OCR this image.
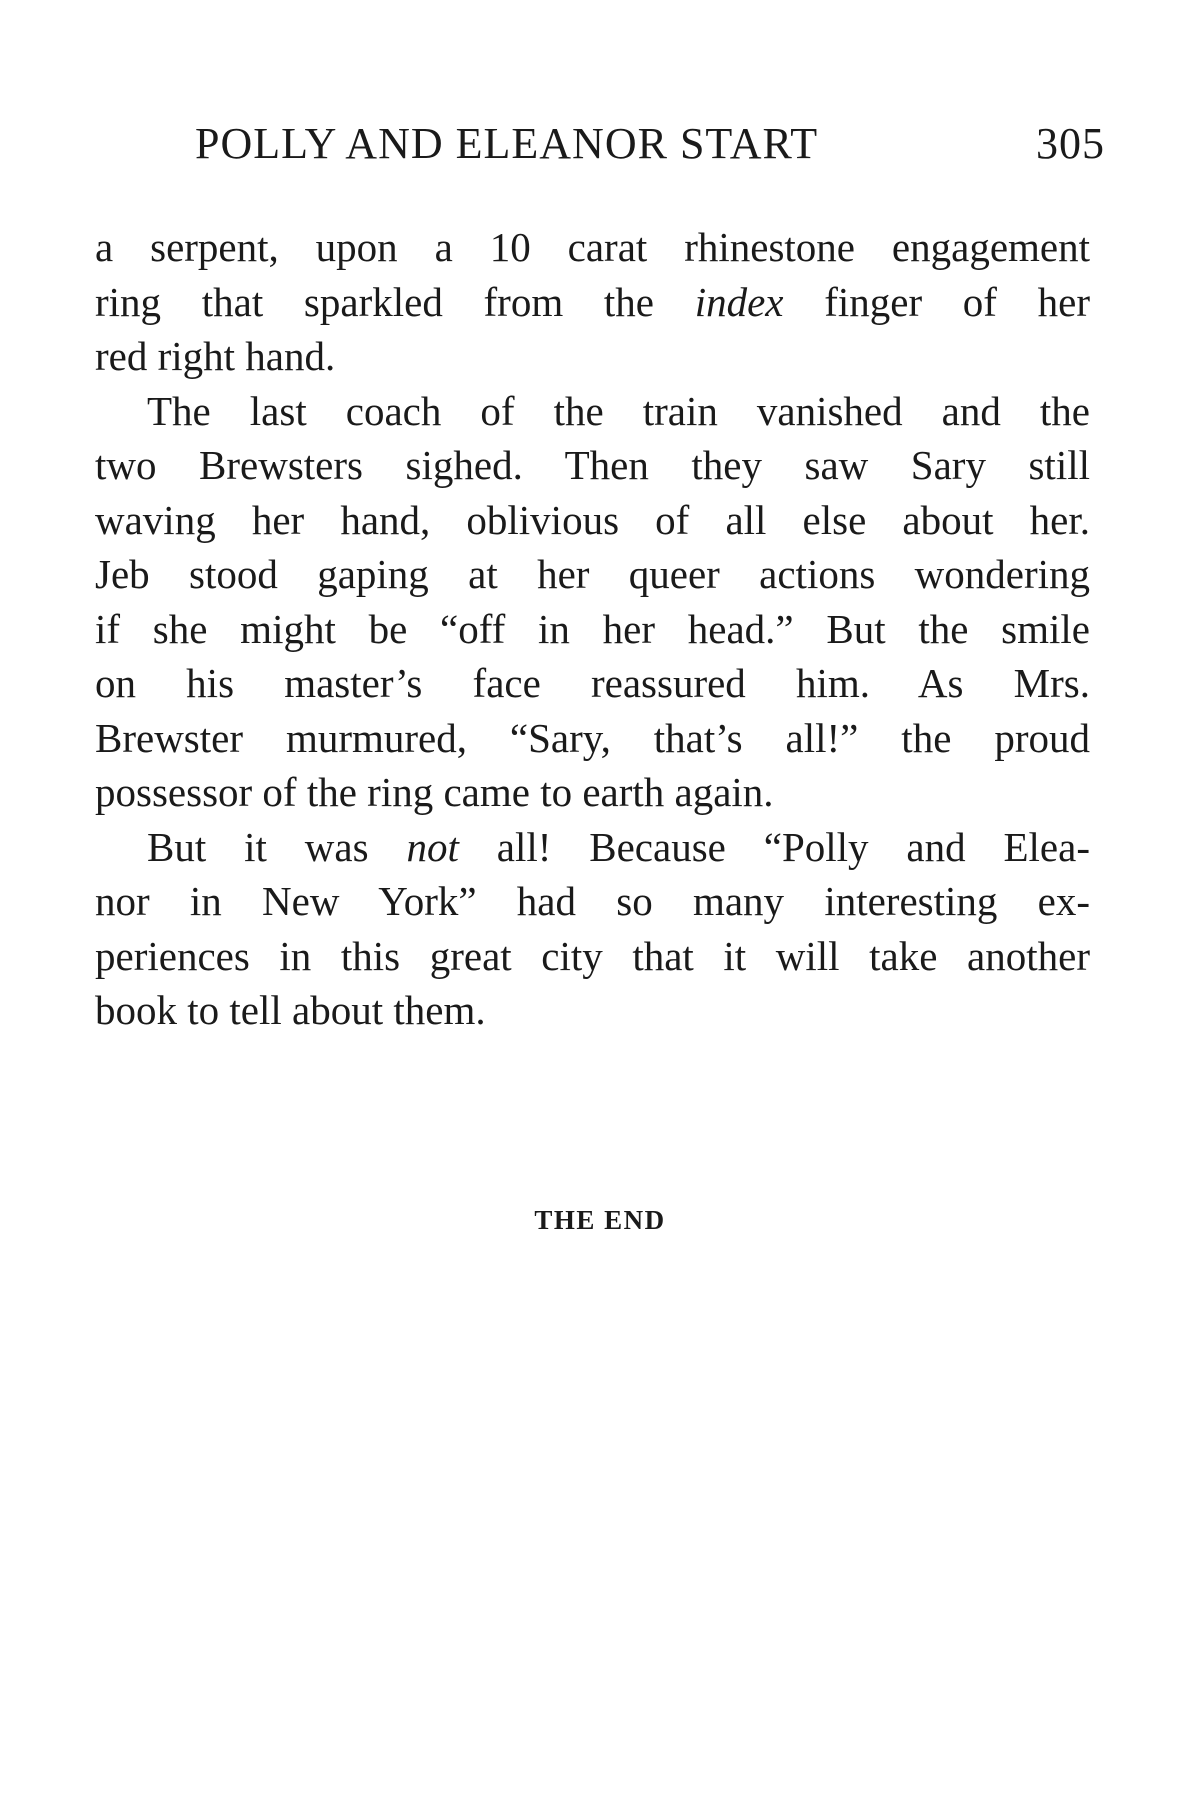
POLLY AND ELEANOR START	305

a serpent, upon a 10 carat rhinestone engagement
ring that sparkled from the index finger of her
red right hand.

The last coach of the train vanished and the
two Brewsters sighed. Then they saw Sary still
waving her hand, oblivious of all else about her.
Jeb stood gaping at her queer actions wondering
if she might be “off in her head.” But the smile
on his master’s face reassured him. As Mrs.
Brewster murmured, “Sary, that’s all!” the proud
possessor of the ring came to earth again.

But it was not all! Because “Polly and Elea-
nor in New York” had so many interesting ex-
periences in this great city that it will take another
book to tell about them.

THE END
